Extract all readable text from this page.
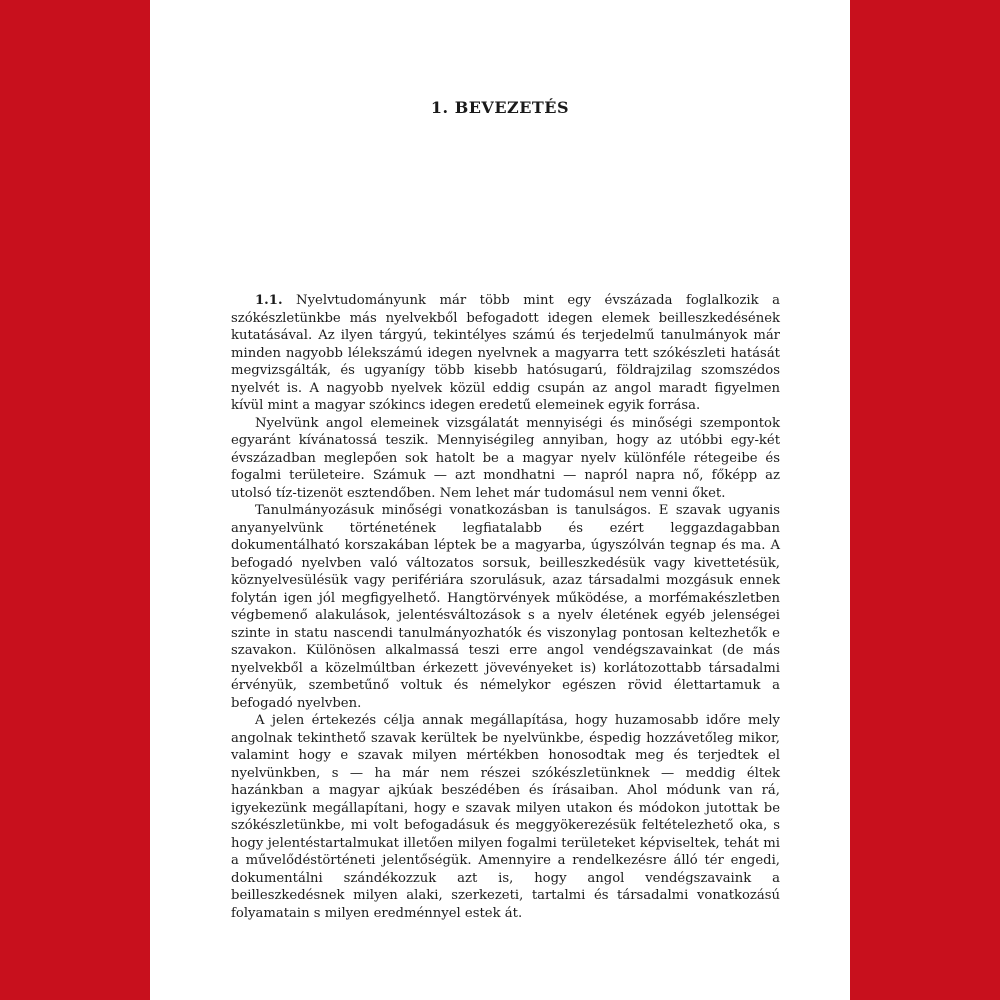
1. BEVEZETÉS

1.1. Nyelvtudományunk már több mint egy évszázada foglalkozik a szókészletünkbe más nyelvekből befogadott idegen elemek beilleszkedésének kutatásával. Az ilyen tárgyú, tekintélyes számú és terjedelmű tanulmányok már minden nagyobb lélekszámú idegen nyelvnek a magyarra tett szókészleti hatását megvizsgálták, és ugyanígy több kisebb hatósugarú, földrajzilag szomszédos nyelvét is. A nagyobb nyelvek közül eddig csupán az angol maradt figyelmen kívül mint a magyar szókincs idegen eredetű elemeinek egyik forrása.

Nyelvünk angol elemeinek vizsgálatát mennyiségi és minőségi szempontok egyaránt kívánatossá teszik. Mennyiségileg annyiban, hogy az utóbbi egy-két évszázadban meglepően sok hatolt be a magyar nyelv különféle rétegeibe és fogalmi területeire. Számuk — azt mondhatni — napról napra nő, főképp az utolsó tíz-tizenöt esztendőben. Nem lehet már tudomásul nem venni őket.

Tanulmányozásuk minőségi vonatkozásban is tanulságos. E szavak ugyanis anyanyelvünk történetének legfiatalabb és ezért leggazdagabban dokumentálható korszakában léptek be a magyarba, úgyszólván tegnap és ma. A befogadó nyelvben való változatos sorsuk, beilleszkedésük vagy kivettetésük, köznyelvesülésük vagy perifériára szorulásuk, azaz társadalmi mozgásuk ennek folytán igen jól megfigyelhető. Hangtörvények működése, a morfémakészletben végbemenő alakulások, jelentésváltozások s a nyelv életének egyéb jelenségei szinte in statu nascendi tanulmányozhatók és viszonylag pontosan keltezhetők e szavakon. Különösen alkalmassá teszi erre angol vendégszavainkat (de más nyelvekből a közelmúltban érkezett jövevényeket is) korlátozottabb társadalmi érvényük, szembetűnő voltuk és némelykor egészen rövid élettartamuk a befogadó nyelvben.

A jelen értekezés célja annak megállapítása, hogy huzamosabb időre mely angolnak tekinthető szavak kerültek be nyelvünkbe, éspedig hozzávetőleg mikor, valamint hogy e szavak milyen mértékben honosodtak meg és terjedtek el nyelvünkben, s — ha már nem részei szókészletünknek — meddig éltek hazánkban a magyar ajkúak beszédében és írásaiban. Ahol módunk van rá, igyekezünk megállapítani, hogy e szavak milyen utakon és módokon jutottak be szókészletünkbe, mi volt befogadásuk és meggyökerezésük feltételezhető oka, s hogy jelentéstartalmukat illetően milyen fogalmi területeket képviseltek, tehát mi a művelődéstörténeti jelentőségük. Amennyire a rendelkezésre álló tér engedi, dokumentálni szándékozzuk azt is, hogy angol vendégszavaink a beilleszkedésnek milyen alaki, szerkezeti, tartalmi és társadalmi vonatkozású folyamatain s milyen eredménnyel estek át.
